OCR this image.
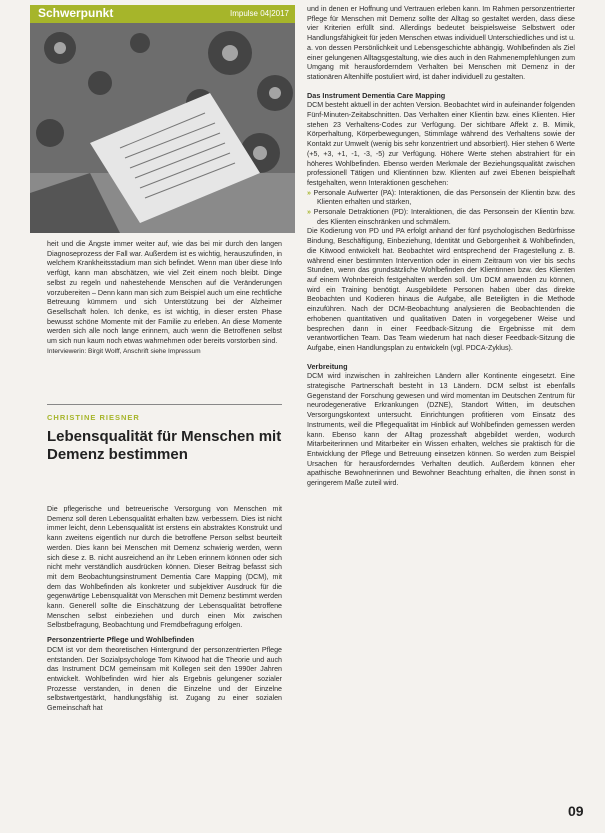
Schwerpunkt	Impulse 04|2017

heit und die Ängste immer weiter auf, wie das bei mir durch den langen Diagnoseprozess der Fall war. Außerdem ist es wichtig, herauszufinden, in welchem Krankheitsstadium man sich befindet. Wenn man über diese Info verfügt, kann man abschätzen, wie viel Zeit einem noch bleibt. Dinge selbst zu regeln und nahestehende Menschen auf die Veränderungen vorzubereiten – Denn kann man sich zum Beispiel auch um eine rechtliche Betreuung kümmern und sich Unterstützung bei der Alzheimer Gesellschaft holen. Ich denke, es ist wichtig, in dieser ersten Phase bewusst schöne Momente mit der Familie zu erleben. An diese Momente werden sich alle noch lange erinnern, auch wenn die Betroffenen selbst um sich nun kaum noch etwas wahrnehmen oder bereits vorstorben sind.

Interviewerin: Birgit Wolff, Anschrift siehe Impressum

CHRISTINE RIESNER
Lebensqualität für Menschen mit Demenz bestimmen

Die pflegerische und betreuerische Versorgung von Menschen mit Demenz soll deren Lebensqualität erhalten bzw. verbessern. Dies ist nicht immer leicht, denn Lebensqualität ist erstens ein abstraktes Konstrukt und kann zweitens eigentlich nur durch die betroffene Person selbst beurteilt werden. Dies kann bei Menschen mit Demenz schwierig werden, wenn sich diese z. B. nicht ausreichend an ihr Leben erinnern können oder sich nicht mehr verständlich ausdrücken können. Dieser Beitrag befasst sich mit dem Beobachtungsinstrument Dementia Care Mapping (DCM), mit dem das Wohlbefinden als konkreter und subjektiver Ausdruck für die gegenwärtige Lebensqualität von Menschen mit Demenz bestimmt werden kann. Generell sollte die Einschätzung der Lebensqualität betroffene Menschen selbst einbeziehen und durch einen Mix zwischen Selbstbefragung, Beobachtung und Fremdbefragung erfolgen.

Personzentrierte Pflege und Wohlbefinden

DCM ist vor dem theoretischen Hintergrund der personzentrierten Pflege entstanden. Der Sozialpsychologe Tom Kitwood hat die Theorie und auch das Instrument DCM gemeinsam mit Kollegen seit den 1990er Jahren entwickelt. Wohlbefinden wird hier als Ergebnis gelungener sozialer Prozesse verstanden, in denen die Einzelne und der Einzelne selbstwertgestärkt, handlungsfähig ist. Zugang zu einer sozialen Gemeinschaft hat

und in denen er Hoffnung und Vertrauen erleben kann. Im Rahmen personzentrierter Pflege für Menschen mit Demenz sollte der Alltag so gestaltet werden, dass diese vier Kriterien erfüllt sind. Allerdings bedeutet beispielsweise Selbstwert oder Handlungsfähigkeit für jeden Menschen etwas individuell Unterschiedliches und ist u. a. von dessen Persönlichkeit und Lebensgeschichte abhängig. Wohlbefinden als Ziel einer gelungenen Alltagsgestaltung, wie dies auch in den Rahmenempfehlungen zum Umgang mit herausforderndem Verhalten bei Menschen mit Demenz in der stationären Altenhilfe postuliert wird, ist daher individuell zu gestalten.

Das Instrument Dementia Care Mapping

DCM besteht aktuell in der achten Version. Beobachtet wird in aufeinander folgenden Fünf-Minuten-Zeitabschnitten. Das Verhalten einer Klientin bzw. eines Klienten. Hier stehen 23 Verhaltens-Codes zur Verfügung. Der sichtbare Affekt z. B. Mimik, Körperhaltung, Körperbewegungen, Stimmlage während des Verhaltens sowie der Kontakt zur Umwelt (wenig bis sehr konzentriert und absorbiert). Hier stehen 6 Werte (+5, +3, +1, -1, -3, -5) zur Verfügung. Höhere Werte stehen abstrahiert für ein höheres Wohlbefinden. Ebenso werden Merkmale der Beziehungsqualität zwischen professionell Tätigen und Klientinnen bzw. Klienten auf zwei Ebenen beispielhaft festgehalten, wenn Interaktionen geschehen:

» Personale Aufwerter (PA): Interaktionen, die das Personsein der Klientin bzw. des Klienten erhalten und stärken,

» Personale Detraktionen (PD): Interaktionen, die das Personsein der Klientin bzw. des Klienten einschränken und schmälern.

Die Kodierung von PD und PA erfolgt anhand der fünf psychologischen Bedürfnisse Bindung, Beschäftigung, Einbeziehung, Identität und Geborgenheit & Wohlbefinden, die Kitwood entwickelt hat. Beobachtet wird entsprechend der Fragestellung z. B. während einer bestimmten Intervention oder in einem Zeitraum von vier bis sechs Stunden, wenn das grundsätzliche Wohlbefinden der Klientinnen bzw. des Klienten auf einem Wohnbereich festgehalten werden soll. Um DCM anwenden zu können, wird ein Training benötigt. Ausgebildete Personen haben über das direkte Beobachten und Kodieren hinaus die Aufgabe, alle Beteiligten in die Methode einzuführen. Nach der DCM-Beobachtung analysieren die Beobachtenden die erhobenen quantitativen und qualitativen Daten in vorgegebener Weise und besprechen dann in einer Feedback-Sitzung die Ergebnisse mit dem verantwortlichen Team. Das Team wiederum hat nach dieser Feedback-Sitzung die Aufgabe, einen Handlungsplan zu entwickeln (vgl. PDCA-Zyklus).

Verbreitung

DCM wird inzwischen in zahlreichen Ländern aller Kontinente eingesetzt. Eine strategische Partnerschaft besteht in 13 Ländern. DCM selbst ist ebenfalls Gegenstand der Forschung gewesen und wird momentan im Deutschen Zentrum für neurodegenerative Erkrankungen (DZNE), Standort Witten, im deutschen Versorgungskontext untersucht. Einrichtungen profitieren vom Einsatz des Instruments, weil die Pflegequalität im Hinblick auf Wohlbefinden gemessen werden kann. Ebenso kann der Alltag prozesshaft abgebildet werden, wodurch Mitarbeiterinnen und Mitarbeiter ein Wissen erhalten, welches sie praktisch für die Entwicklung der Pflege und Betreuung einsetzen können. So werden zum Beispiel Ursachen für herausforderndes Verhalten deutlich. Außerdem können eher apathische Bewohnerinnen und Bewohner Beachtung erhalten, die ihnen sonst in geringerem Maße zuteil wird.

09
